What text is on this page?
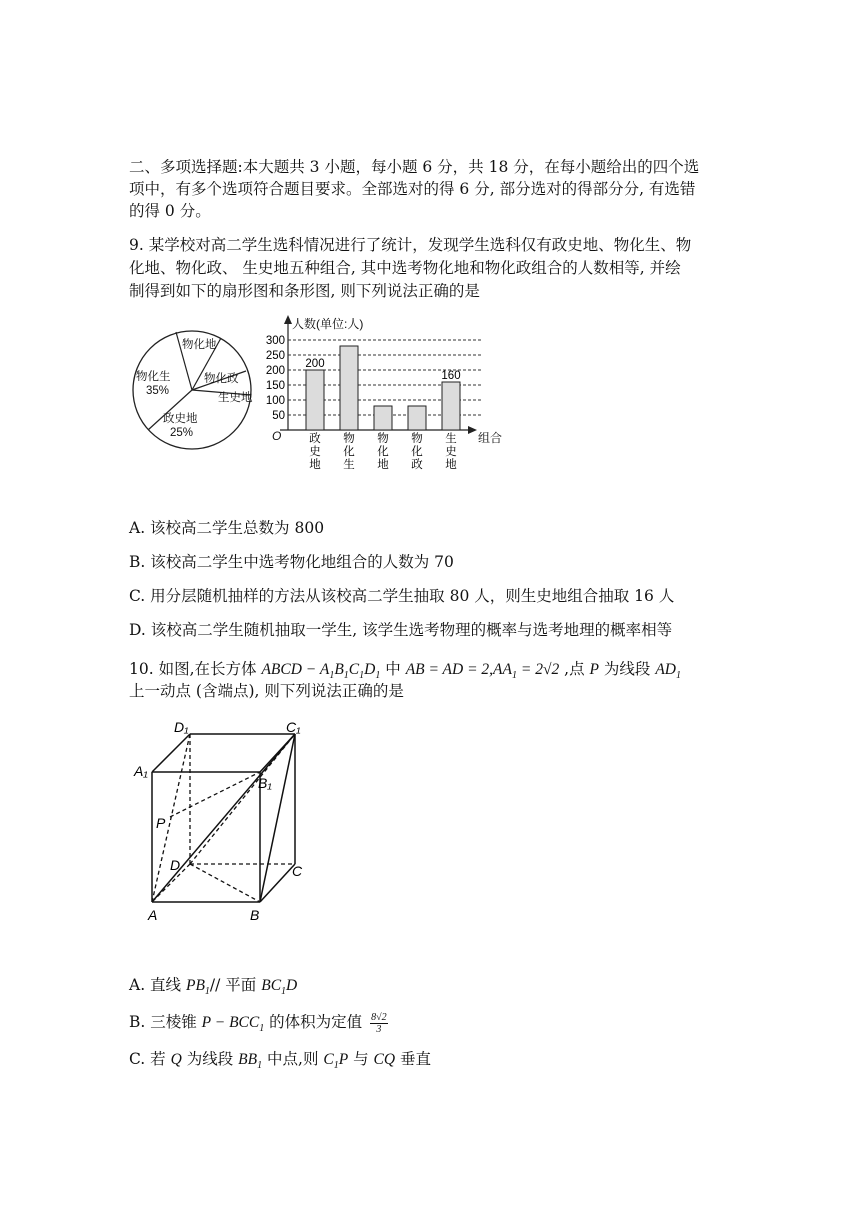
二、多项选择题:本大题共 3 小题，每小题 6 分，共 18 分，在每小题给出的四个选
项中，有多个选项符合题目要求。全部选对的得 6 分, 部分选对的得部分分, 有选错
的得 0 分。
9. 某学校对高二学生选科情况进行了统计，发现学生选科仅有政史地、物化生、物
化地、物化政、 生史地五种组合, 其中选考物化地和物化政组合的人数相等, 并绘
制得到如下的扇形图和条形图, 则下列说法正确的是
物化地
物化政
生史地
物化生
35%
政史地
25%
人数(单位:人)
组合
O
50
100
150
200
250
300
200
160
政
史
地
物
化
生
物
化
地
物
化
政
生
史
地
A. 该校高二学生总数为 800
B. 该校高二学生中选考物化地组合的人数为 70
C. 用分层随机抽样的方法从该校高二学生抽取 80 人，则生史地组合抽取 16 人
D. 该校高二学生随机抽取一学生, 该学生选考物理的概率与选考地理的概率相等
10. 如图,在长方体 ABCD − $A_1B_1C_1D_1$ 中 AB = AD = $2,AA_1 = 2√2$ ,点 P 为线段 $AD_1$
上一动点 (含端点), 则下列说法正确的是
D₁	C₁
A₁
B₁
P
D	C
A	B
A. 直线 $PB_1//$ 平面 $BC_1D$
B. 三棱锥 $P - BCC_1$ 的体积为定值 $\frac{8√2}{3}$
C. 若 Q 为线段 $BB_1$ 中点,则 $C_1P$ 与 CQ 垂直
